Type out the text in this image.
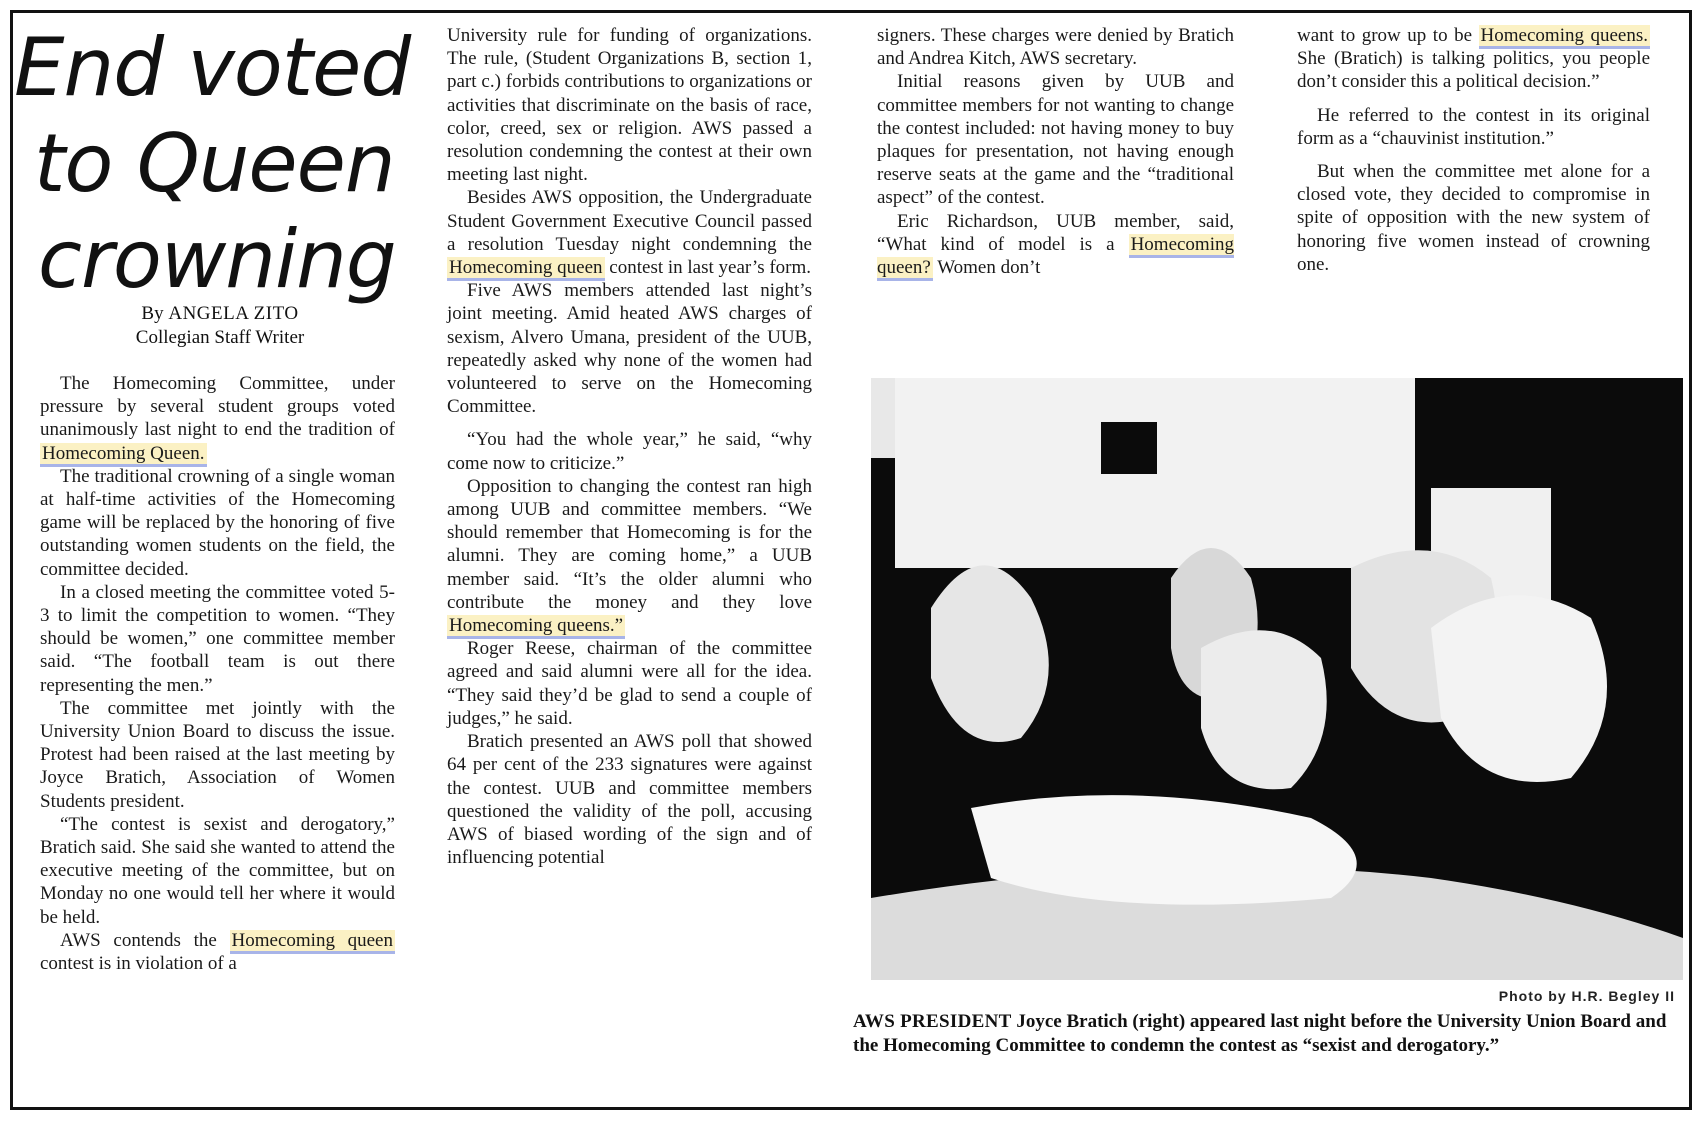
End voted
to Queen
crowning
By ANGELA ZITO
Collegian Staff Writer

The Homecoming Committee, under pressure by several student groups voted unanimously last night to end the tradition of Homecoming Queen.

The traditional crowning of a single woman at half-time activities of the Homecoming game will be replaced by the honoring of five outstanding women students on the field, the committee decided.

In a closed meeting the committee voted 5-3 to limit the competition to women. “They should be women,” one committee member said. “The football team is out there representing the men.”

The committee met jointly with the University Union Board to discuss the issue. Protest had been raised at the last meeting by Joyce Bratich, Association of Women Students president.

“The contest is sexist and derogatory,” Bratich said. She said she wanted to attend the executive meeting of the committee, but on Monday no one would tell her where it would be held.

AWS contends the Homecoming queen contest is in violation of a

University rule for funding of organizations. The rule, (Student Organizations B, section 1, part c.) forbids contributions to organizations or activities that discriminate on the basis of race, color, creed, sex or religion. AWS passed a resolution condemning the contest at their own meeting last night.

Besides AWS opposition, the Undergraduate Student Government Executive Council passed a resolution Tuesday night condemning the Homecoming queen contest in last year’s form.

Five AWS members attended last night’s joint meeting. Amid heated AWS charges of sexism, Alvero Umana, president of the UUB, repeatedly asked why none of the women had volunteered to serve on the Homecoming Committee.

“You had the whole year,” he said, “why come now to criticize.”

Opposition to changing the contest ran high among UUB and committee members. “We should remember that Homecoming is for the alumni. They are coming home,” a UUB member said. “It’s the older alumni who contribute the money and they love Homecoming queens.”

Roger Reese, chairman of the committee agreed and said alumni were all for the idea. “They said they’d be glad to send a couple of judges,” he said.

Bratich presented an AWS poll that showed 64 per cent of the 233 signatures were against the contest. UUB and committee members questioned the validity of the poll, accusing AWS of biased wording of the sign and of influencing potential

signers. These charges were denied by Bratich and Andrea Kitch, AWS secretary.

Initial reasons given by UUB and committee members for not wanting to change the contest included: not having money to buy plaques for presentation, not having enough reserve seats at the game and the “traditional aspect” of the contest.

Eric Richardson, UUB member, said, “What kind of model is a Homecoming queen? Women don’t

want to grow up to be Homecoming queens. She (Bratich) is talking politics, you people don’t consider this a political decision.”

He referred to the contest in its original form as a “chauvinist institution.”

But when the committee met alone for a closed vote, they decided to compromise in spite of opposition with the new system of honoring five women instead of crowning one.

Photo by H.R. Begley II
AWS PRESIDENT Joyce Bratich (right) appeared last night before the University Union Board and the Homecoming Committee to condemn the contest as “sexist and derogatory.”
